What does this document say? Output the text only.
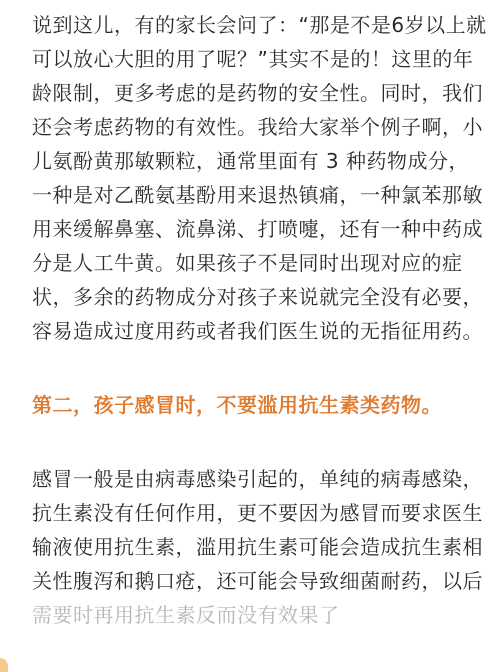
说到这儿，有的家长会问了：“那是不是6岁以上就
可以放心大胆的用了呢？”其实不是的！这里的年
龄限制，更多考虑的是药物的安全性。同时，我们
还会考虑药物的有效性。我给大家举个例子啊，小
儿氨酚黄那敏颗粒，通常里面有 3 种药物成分，
一种是对乙酰氨基酚用来退热镇痛，一种氯苯那敏
用来缓解鼻塞、流鼻涕、打喷嚏，还有一种中药成
分是人工牛黄。如果孩子不是同时出现对应的症
状，多余的药物成分对孩子来说就完全没有必要，
容易造成过度用药或者我们医生说的无指征用药。
第二，孩子感冒时，不要滥用抗生素类药物。
感冒一般是由病毒感染引起的，单纯的病毒感染，
抗生素没有任何作用，更不要因为感冒而要求医生
输液使用抗生素，滥用抗生素可能会造成抗生素相
关性腹泻和鹅口疮，还可能会导致细菌耐药，以后
需要时再用抗生素反而没有效果了
